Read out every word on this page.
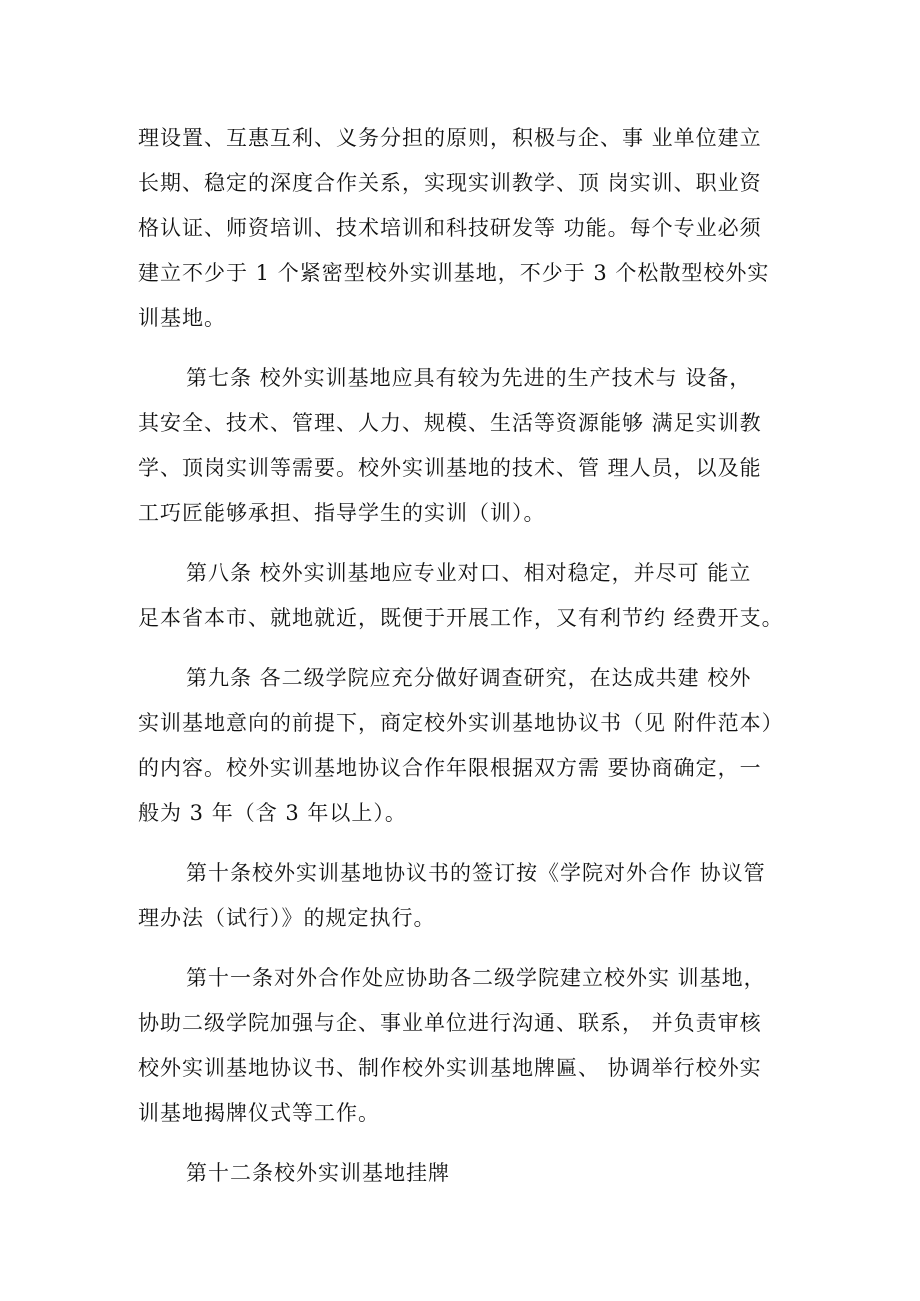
理设置、互惠互利、义务分担的原则，积极与企、事 业单位建立
长期、稳定的深度合作关系，实现实训教学、顶 岗实训、职业资
格认证、师资培训、技术培训和科技研发等 功能。每个专业必须
建立不少于 1 个紧密型校外实训基地，不少于 3 个松散型校外实
训基地。
第七条 校外实训基地应具有较为先进的生产技术与 设备，
其安全、技术、管理、人力、规模、生活等资源能够 满足实训教
学、顶岗实训等需要。校外实训基地的技术、管 理人员，以及能
工巧匠能够承担、指导学生的实训（训）。
第八条 校外实训基地应专业对口、相对稳定，并尽可 能立
足本省本市、就地就近，既便于开展工作，又有利节约 经费开支。
第九条 各二级学院应充分做好调查研究，在达成共建 校外
实训基地意向的前提下，商定校外实训基地协议书（见 附件范本）
的内容。校外实训基地协议合作年限根据双方需 要协商确定，一
般为 3 年（含 3 年以上）。
第十条校外实训基地协议书的签订按《学院对外合作 协议管
理办法（试行）》的规定执行。
第十一条对外合作处应协助各二级学院建立校外实 训基地，
协助二级学院加强与企、事业单位进行沟通、联系， 并负责审核
校外实训基地协议书、制作校外实训基地牌匾、 协调举行校外实
训基地揭牌仪式等工作。
第十二条校外实训基地挂牌
